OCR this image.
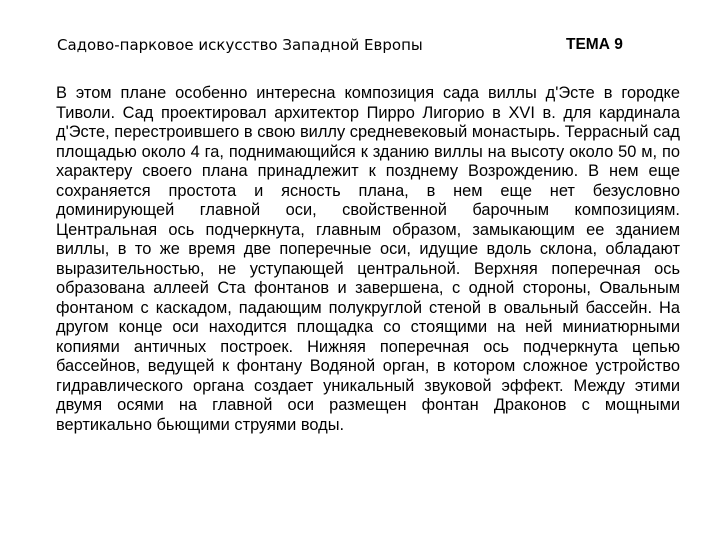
Садово-парковое искусство Западной Европы	ТЕМА 9

В этом плане особенно интересна композиция сада виллы д'Эсте в городке Тиволи. Сад проектировал архитектор Пирро Лигорио в XVI в. для кардинала д'Эсте, перестроившего в свою виллу средневековый монастырь. Террасный сад площадью около 4 га, поднимающийся к зданию виллы на высоту около 50 м, по характеру своего плана принадлежит к позднему Возрождению. В нем еще сохраняется простота и ясность плана, в нем еще нет безусловно доминирующей главной оси, свойственной барочным композициям. Центральная ось подчеркнута, главным образом, замыкающим ее зданием виллы, в то же время две поперечные оси, идущие вдоль склона, обладают выразительностью, не уступающей центральной. Верхняя поперечная ось образована аллеей Ста фонтанов и завершена, с одной стороны, Овальным фонтаном с каскадом, падающим полукруглой стеной в овальный бассейн. На другом конце оси находится площадка со стоящими на ней миниатюрными копиями античных построек. Нижняя поперечная ось подчеркнута цепью бассейнов, ведущей к фонтану Водяной орган, в котором сложное устройство гидравлического органа создает уникальный звуковой эффект. Между этими двумя осями на главной оси размещен фонтан Драконов с мощными вертикально бьющими струями воды.
